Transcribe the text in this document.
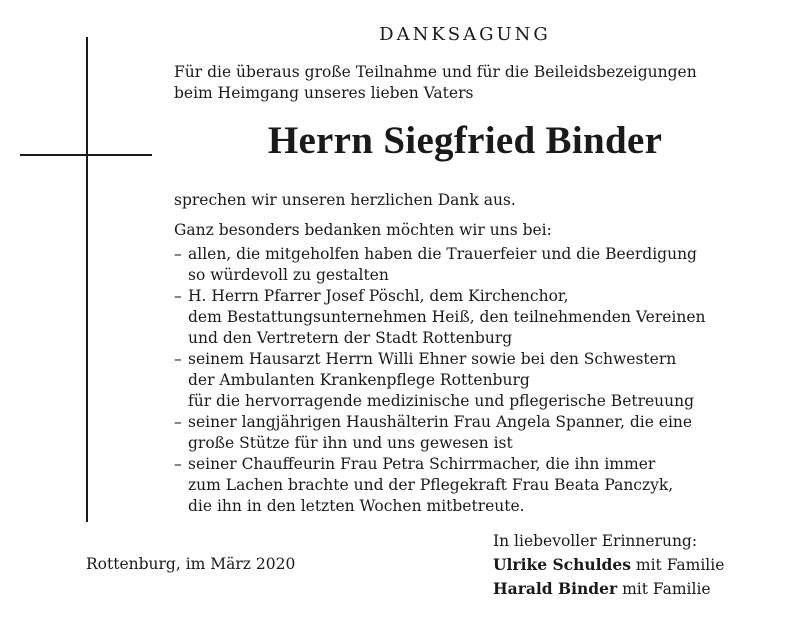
DANKSAGUNG
Für die überaus große Teilnahme und für die Beileidsbezeigungen
beim Heimgang unseres lieben Vaters
Herrn Siegfried Binder
sprechen wir unseren herzlichen Dank aus.
Ganz besonders bedanken möchten wir uns bei:
– allen, die mitgeholfen haben die Trauerfeier und die Beerdigung
so würdevoll zu gestalten
– H. Herrn Pfarrer Josef Pöschl, dem Kirchenchor,
dem Bestattungsunternehmen Heiß, den teilnehmenden Vereinen
und den Vertretern der Stadt Rottenburg
– seinem Hausarzt Herrn Willi Ehner sowie bei den Schwestern
der Ambulanten Krankenpflege Rottenburg
für die hervorragende medizinische und pflegerische Betreuung
– seiner langjährigen Haushälterin Frau Angela Spanner, die eine
große Stütze für ihn und uns gewesen ist
– seiner Chauffeurin Frau Petra Schirrmacher, die ihn immer
zum Lachen brachte und der Pflegekraft Frau Beata Panczyk,
die ihn in den letzten Wochen mitbetreute.
Rottenburg, im März 2020
In liebevoller Erinnerung:
Ulrike Schuldes mit Familie
Harald Binder mit Familie
